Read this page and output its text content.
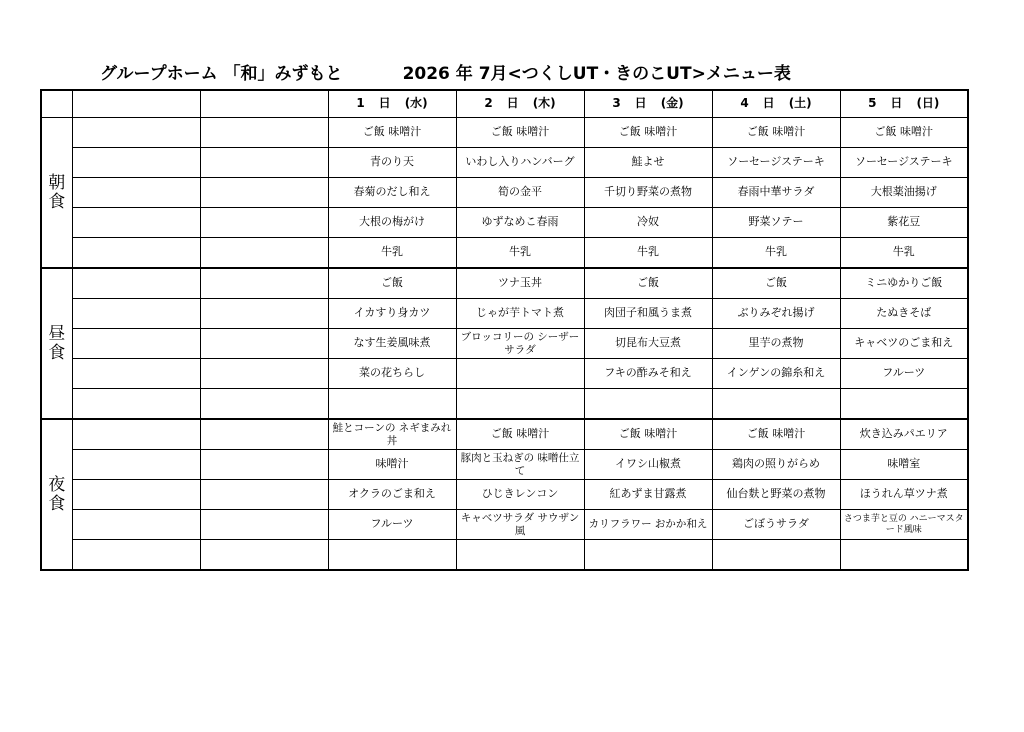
グループホーム 「和」みずもと	2026 年 7月<つくしUT・きのこUT>メニュー表
			1 日 (水)	2 日 (木)	3 日 (金)	4 日 (土)	5 日 (日)
朝食			ご飯 味噌汁	ご飯 味噌汁	ご飯 味噌汁	ご飯 味噌汁	ご飯 味噌汁
			青のり天	いわし入りハンバーグ	鮭よせ	ソーセージステーキ	ソーセージステーキ
			春菊のだし和え	筍の金平	千切り野菜の煮物	春雨中華サラダ	大根薬油揚げ
			大根の梅がけ	ゆずなめこ春雨	冷奴	野菜ソテー	紫花豆
			牛乳	牛乳	牛乳	牛乳	牛乳
昼食			ご飯	ツナ玉丼	ご飯	ご飯	ミニゆかりご飯
			イカすり身カツ	じゃが芋トマト煮	肉団子和風うま煮	ぶりみぞれ揚げ	たぬきそば
			なす生姜風味煮	ブロッコリーの シーザーサラダ	切昆布大豆煮	里芋の煮物	キャベツのごま和え
			菜の花ちらし		フキの酢みそ和え	インゲンの錦糸和え	フルーツ

夜食			鮭とコーンの ネギまみれ丼	ご飯 味噌汁	ご飯 味噌汁	ご飯 味噌汁	炊き込みパエリア
			味噌汁	豚肉と玉ねぎの 味噌仕立て	イワシ山椒煮	鶏肉の照りがらめ	味噌室
			オクラのごま和え	ひじきレンコン	紅あずま甘露煮	仙台麩と野菜の煮物	ほうれん草ツナ煮
			フルーツ	キャベツサラダ サウザン風	カリフラワー おかか和え	ごぼうサラダ	さつま芋と豆の ハニーマスタード風味
